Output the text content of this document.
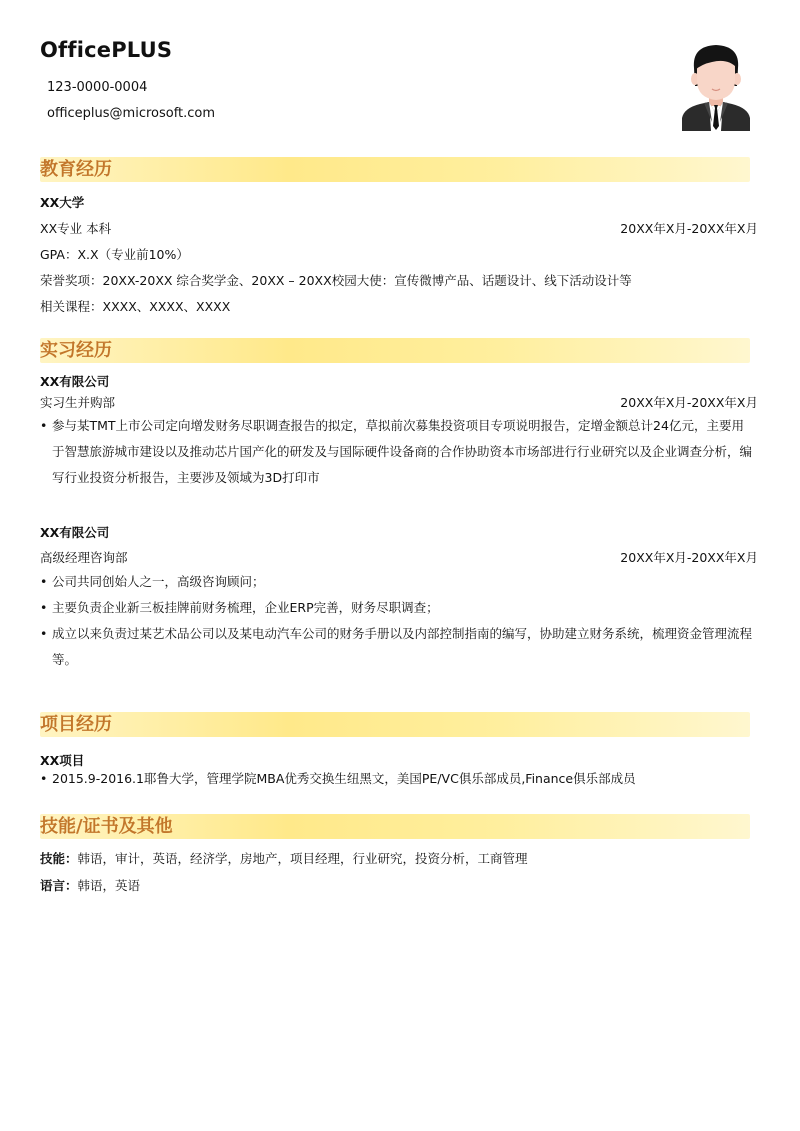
OfficePLUS
123-0000-0004
officeplus@microsoft.com
教育经历
XX大学
XX专业 本科	20XX年X月-20XX年X月
GPA：X.X（专业前10%）
荣誉奖项：20XX-20XX 综合奖学金、20XX – 20XX校园大使：宣传微博产品、话题设计、线下活动设计等
相关课程：XXXX、XXXX、XXXX
实习经历
XX有限公司
实习生并购部	20XX年X月-20XX年X月
• 参与某TMT上市公司定向增发财务尽职调查报告的拟定，草拟前次募集投资项目专项说明报告，定增金额总计24亿元，主要用于智慧旅游城市建设以及推动芯片国产化的研发及与国际硬件设备商的合作协助资本市场部进行行业研究以及企业调查分析，编写行业投资分析报告，主要涉及领域为3D打印市
XX有限公司
高级经理咨询部	20XX年X月-20XX年X月
• 公司共同创始人之一，高级咨询顾问；
• 主要负责企业新三板挂牌前财务梳理，企业ERP完善，财务尽职调查；
• 成立以来负责过某艺术品公司以及某电动汽车公司的财务手册以及内部控制指南的编写，协助建立财务系统，梳理资金管理流程等。
项目经历
XX项目
• 2015.9-2016.1耶鲁大学，管理学院MBA优秀交换生纽黑文，美国PE/VC俱乐部成员,Finance俱乐部成员
技能/证书及其他
技能：韩语，审计，英语，经济学，房地产，项目经理，行业研究，投资分析，工商管理
语言：韩语，英语
